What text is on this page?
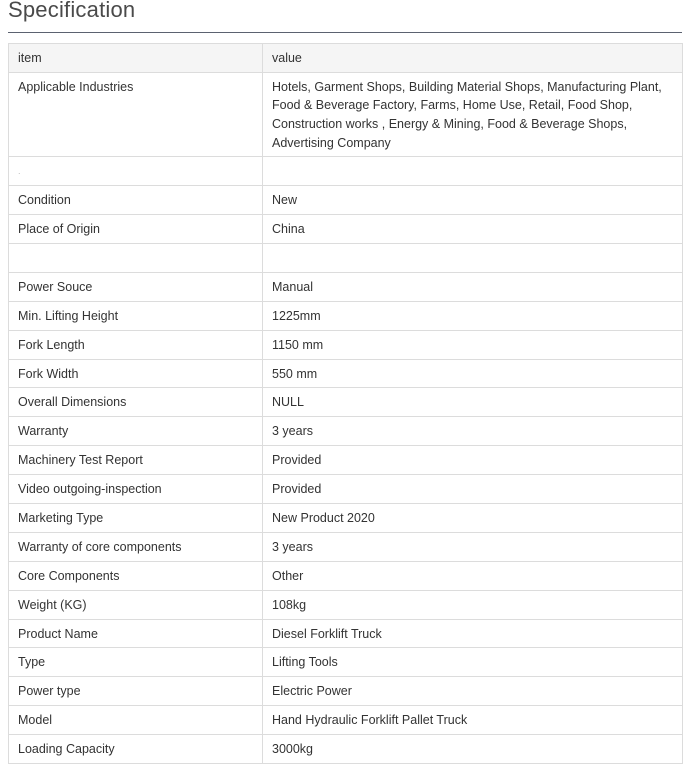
Specification
item	value
Applicable Industries	Hotels, Garment Shops, Building Material Shops, Manufacturing Plant, Food & Beverage Factory, Farms, Home Use, Retail, Food Shop, Construction works , Energy & Mining, Food & Beverage Shops, Advertising Company
.	
Condition	New
Place of Origin	China

Power Souce	Manual
Min. Lifting Height	1225mm
Fork Length	1150 mm
Fork Width	550 mm
Overall Dimensions	NULL
Warranty	3 years
Machinery Test Report	Provided
Video outgoing-inspection	Provided
Marketing Type	New Product 2020
Warranty of core components	3 years
Core Components	Other
Weight (KG)	108kg
Product Name	Diesel Forklift Truck
Type	Lifting Tools
Power type	Electric Power
Model	Hand Hydraulic Forklift Pallet Truck
Loading Capacity	3000kg
